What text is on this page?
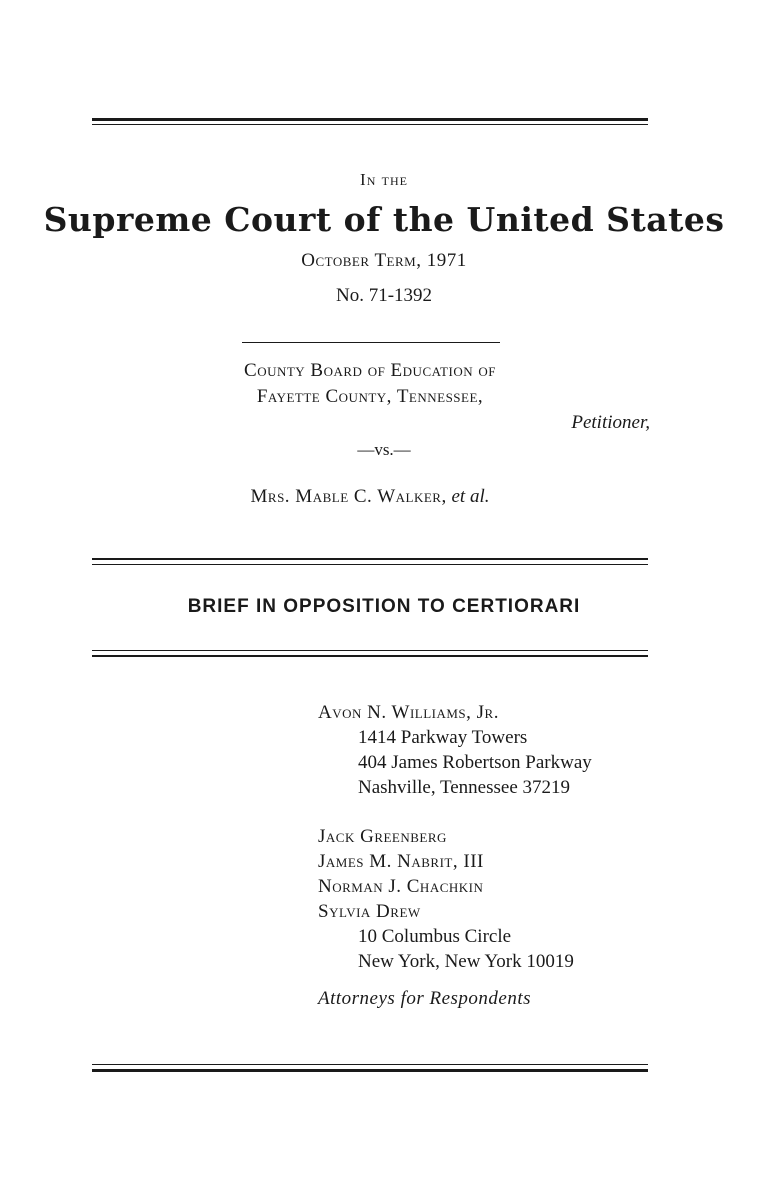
In the
Supreme Court of the United States
October Term, 1971
No. 71-1392
County Board of Education of
Fayette County, Tennessee,
Petitioner,
—vs.—
Mrs. Mable C. Walker, et al.
BRIEF IN OPPOSITION TO CERTIORARI
Avon N. Williams, Jr.
1414 Parkway Towers
404 James Robertson Parkway
Nashville, Tennessee 37219
Jack Greenberg
James M. Nabrit, III
Norman J. Chachkin
Sylvia Drew
10 Columbus Circle
New York, New York 10019
Attorneys for Respondents
